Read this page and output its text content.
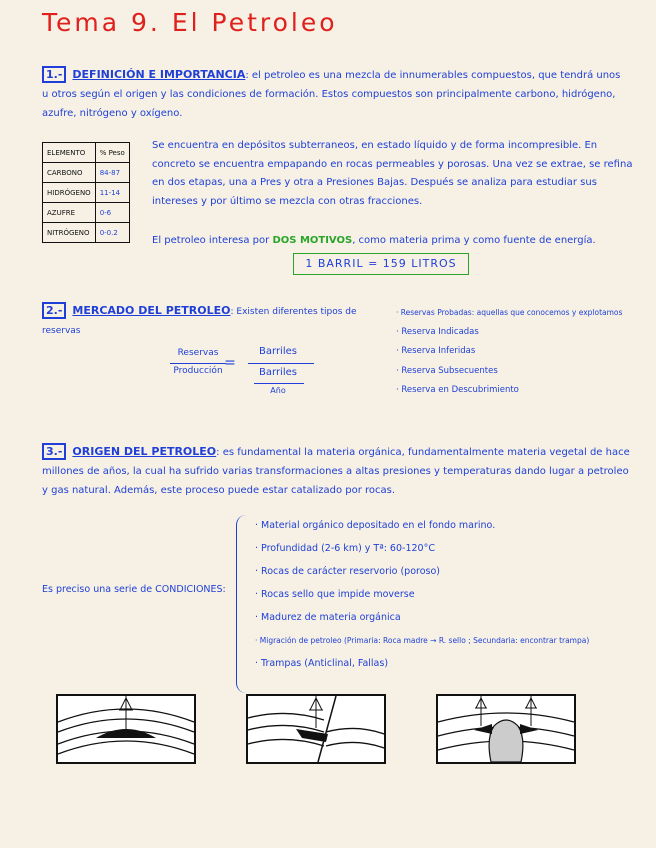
Tema 9. El Petroleo
1.- DEFINICIÓN E IMPORTANCIA: el petroleo es una mezcla de innumerables compuestos, que tendrá unos u otros según el origen y las condiciones de formación. Estos compuestos son principalmente carbono, hidrógeno, azufre, nitrógeno y oxígeno.
ELEMENTO	% Peso
CARBONO	84-87
HIDRÓGENO	11-14
AZUFRE	0-6
NITRÓGENO	0-0.2
Se encuentra en depósitos subterraneos, en estado líquido y de forma incompresible. En concreto se encuentra empapando en rocas permeables y porosas. Una vez se extrae, se refina en dos etapas, una a Pres y otra a Presiones Bajas. Después se analiza para estudiar sus intereses y por último se mezcla con otras fracciones.
El petroleo interesa por DOS MOTIVOS, como materia prima y como fuente de energía.
1 BARRIL = 159 LITROS
2.- MERCADO DEL PETROLEO: Existen diferentes tipos de reservas
· Reservas Probadas: aquellas que conocemos y explotamos
· Reserva Indicadas
· Reserva Inferidas
· Reserva Subsecuentes
· Reserva en Descubrimiento
Reservas
Producción =
Barriles
Barriles
Año
3.- ORIGEN DEL PETROLEO: es fundamental la materia orgánica, fundamentalmente materia vegetal de hace millones de años, la cual ha sufrido varias transformaciones a altas presiones y temperaturas dando lugar a petroleo y gas natural. Además, este proceso puede estar catalizado por rocas.
Es preciso una serie de CONDICIONES:
· Material orgánico depositado en el fondo marino.
· Profundidad (2-6 km) y Tª: 60-120°C
· Rocas de carácter reservorio (poroso)
· Rocas sello que impide moverse
· Madurez de materia orgánica
· Migración de petroleo (Primaria: Roca madre → R. sello ; Secundaria: encontrar trampa)
· Trampas (Anticlinal, Fallas)
